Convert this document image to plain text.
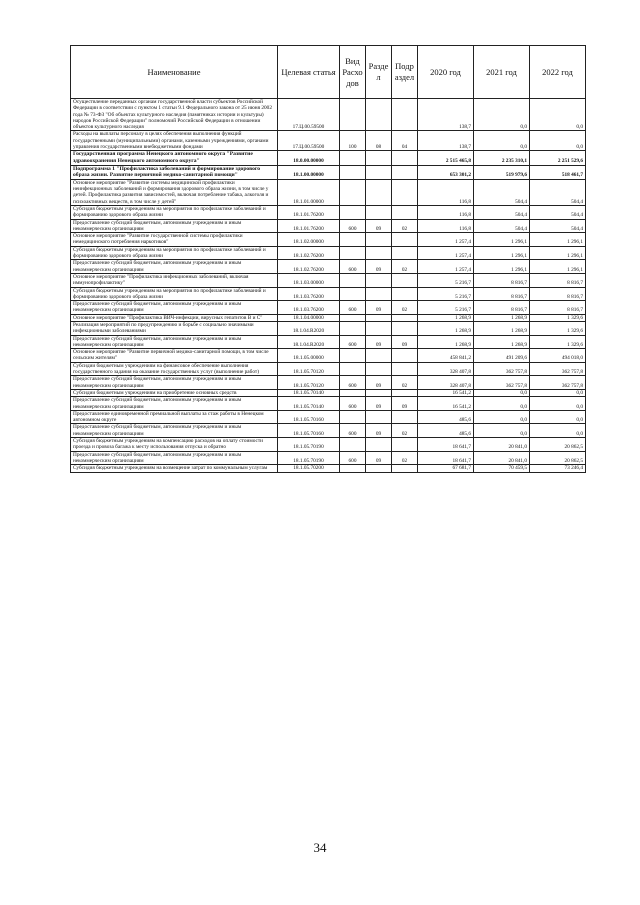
Наименование	Целевая статья	Вид Расхо дов	Разде л	Подр аздел	2020 год	2021 год	2022 год
Осуществление переданных органам государственной власти субъектов Российской Федерации в соответствии с пунктом 1 статьи 9.1 Федерального закона от 25 июня 2002 года № 73-ФЗ "Об объектах культурного наследия (памятниках истории и культуры) народов Российской Федерации" полномочий Российской Федерации в отношении объектов культурного наследия	17.Ц.00.59500				138,7	0,0	0,0
Расходы на выплаты персоналу в целях обеспечения выполнения функций государственными (муниципальными) органами, казенными учреждениями, органами управления государственными внебюджетными фондами	17.Ц.00.59500	100	08	04	138,7	0,0	0,0
Государственная программа Ненецкого автономного округа "Развитие здравоохранения Ненецкого автономного округа"	18.0.00.00000				2 515 465,8	2 235 310,1	2 251 529,6
Подпрограмма 1 "Профилактика заболеваний и формирование здорового образа жизни. Развитие первичной медико-санитарной помощи"	18.1.00.00000				653 301,2	519 979,6	518 461,7
Основное мероприятие "Развитие системы медицинской профилактики неинфекционных заболеваний и формирования здорового образа жизни, в том числе у детей. Профилактика развития зависимостей, включая потребление табака, алкоголя и психоактивных веществ, в том числе у детей"	18.1.01.00000				116,8	504,4	504,4
Субсидия бюджетным учреждениям на мероприятия по профилактике заболеваний и формированию здорового образа жизни	18.1.01.76200				116,8	504,4	504,4
Предоставление субсидий бюджетным, автономным учреждениям и иным некоммерческим организациям	18.1.01.76200	600	09	02	116,8	504,4	504,4
Основное мероприятие "Развитие государственной системы профилактики немедицинского потребления наркотиков"	18.1.02.00000				1 257,4	1 296,1	1 296,1
Субсидия бюджетным учреждениям на мероприятия по профилактике заболеваний и формированию здорового образа жизни	18.1.02.76200				1 257,4	1 296,1	1 296,1
Предоставление субсидий бюджетным, автономным учреждениям и иным некоммерческим организациям	18.1.02.76200	600	09	02	1 257,4	1 296,1	1 296,1
Основное мероприятие "Профилактика инфекционных заболеваний, включая иммунопрофилактику"	18.1.03.00000				5 216,7	8 816,7	8 816,7
Субсидия бюджетным учреждениям на мероприятия по профилактике заболеваний и формированию здорового образа жизни	18.1.03.76200				5 216,7	8 816,7	8 816,7
Предоставление субсидий бюджетным, автономным учреждениям и иным некоммерческим организациям	18.1.03.76200	600	09	02	5 216,7	8 816,7	8 816,7
Основное мероприятие "Профилактика ВИЧ-инфекции, вирусных гепатитов В и С"	18.1.04.00000				1 268,9	1 268,9	1 329,6
Реализация мероприятий по предупреждению и борьбе с социально значимыми инфекционными заболеваниями	18.1.04.R2020				1 268,9	1 268,9	1 329,6
Предоставление субсидий бюджетным, автономным учреждениям и иным некоммерческим организациям	18.1.04.R2020	600	09	09	1 268,9	1 268,9	1 329,6
Основное мероприятие "Развитие первичной медико-санитарной помощи, в том числе сельским жителям"	18.1.05.00000				458 841,2	491 209,6	494 018,0
Субсидии бюджетным учреждениям на финансовое обеспечение выполнения государственного задания на оказание государственных услуг (выполнение работ)	18.1.05.70120				328 407,8	362 757,8	362 757,8
Предоставление субсидий бюджетным, автономным учреждениям и иным некоммерческим организациям	18.1.05.70120	600	09	02	328 407,8	362 757,8	362 757,8
Субсидии бюджетным учреждениям на приобретение основных средств	18.1.05.70140				16 541,2	0,0	0,0
Предоставление субсидий бюджетным, автономным учреждениям и иным некоммерческим организациям	18.1.05.70140	600	09	09	16 541,2	0,0	0,0
Предоставление единовременной премиальной выплаты за стаж работы в Ненецком автономном округе	18.1.05.70160				485,6	0,0	0,0
Предоставление субсидий бюджетным, автономным учреждениям и иным некоммерческим организациям	18.1.05.70160	600	09	02	485,6	0,0	0,0
Субсидия бюджетным учреждениям на компенсацию расходов на оплату стоимости проезда и провоза багажа к месту использования отпуска и обратно	18.1.05.70190				18 641,7	20 841,0	20 862,5
Предоставление субсидий бюджетным, автономным учреждениям и иным некоммерческим организациям	18.1.05.70190	600	09	02	18 641,7	20 841,0	20 862,5
Субсидия бюджетным учреждениям на возмещение затрат по коммунальным услугам	18.1.05.70200				67 681,7	70 459,5	73 246,4
34
